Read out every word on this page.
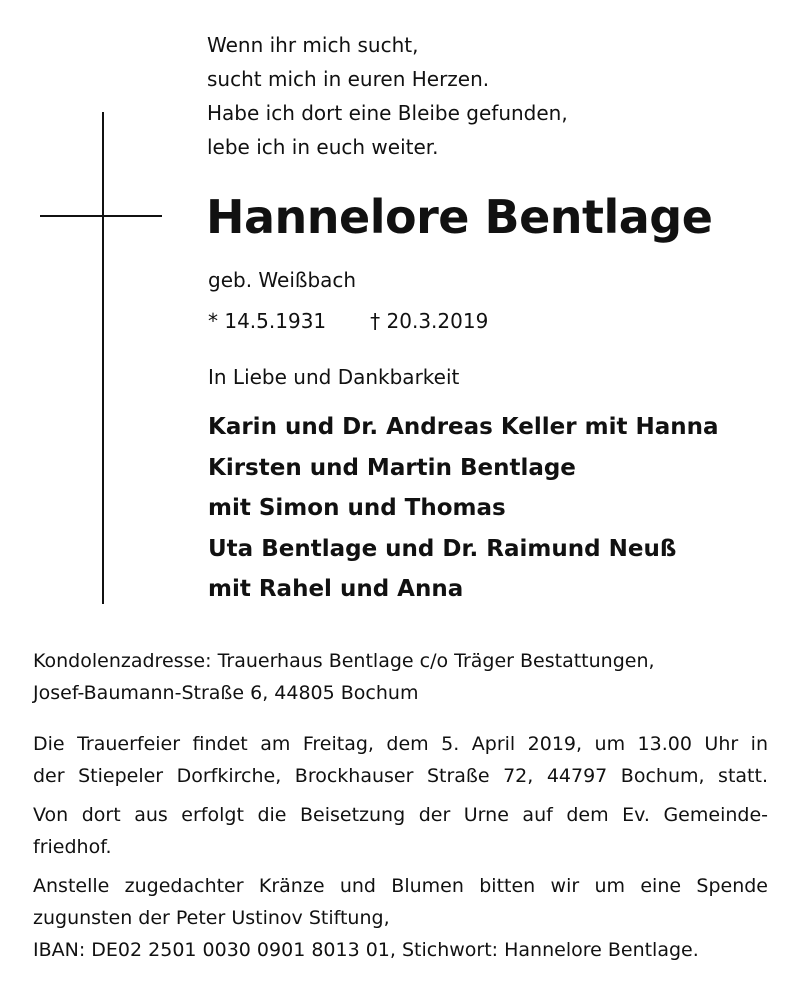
Wenn ihr mich sucht,
sucht mich in euren Herzen.
Habe ich dort eine Bleibe gefunden,
lebe ich in euch weiter.
Hannelore Bentlage
geb. Weißbach
* 14.5.1931 † 20.3.2019
In Liebe und Dankbarkeit
Karin und Dr. Andreas Keller mit Hanna
Kirsten und Martin Bentlage
mit Simon und Thomas
Uta Bentlage und Dr. Raimund Neuß
mit Rahel und Anna
Kondolenzadresse: Trauerhaus Bentlage c/o Träger Bestattungen,
Josef-Baumann-Straße 6, 44805 Bochum
Die Trauerfeier findet am Freitag, dem 5. April 2019, um 13.00 Uhr in
der Stiepeler Dorfkirche, Brockhauser Straße 72, 44797 Bochum, statt.
Von dort aus erfolgt die Beisetzung der Urne auf dem Ev. Gemeinde-
friedhof.
Anstelle zugedachter Kränze und Blumen bitten wir um eine Spende
zugunsten der Peter Ustinov Stiftung,
IBAN: DE02 2501 0030 0901 8013 01, Stichwort: Hannelore Bentlage.
